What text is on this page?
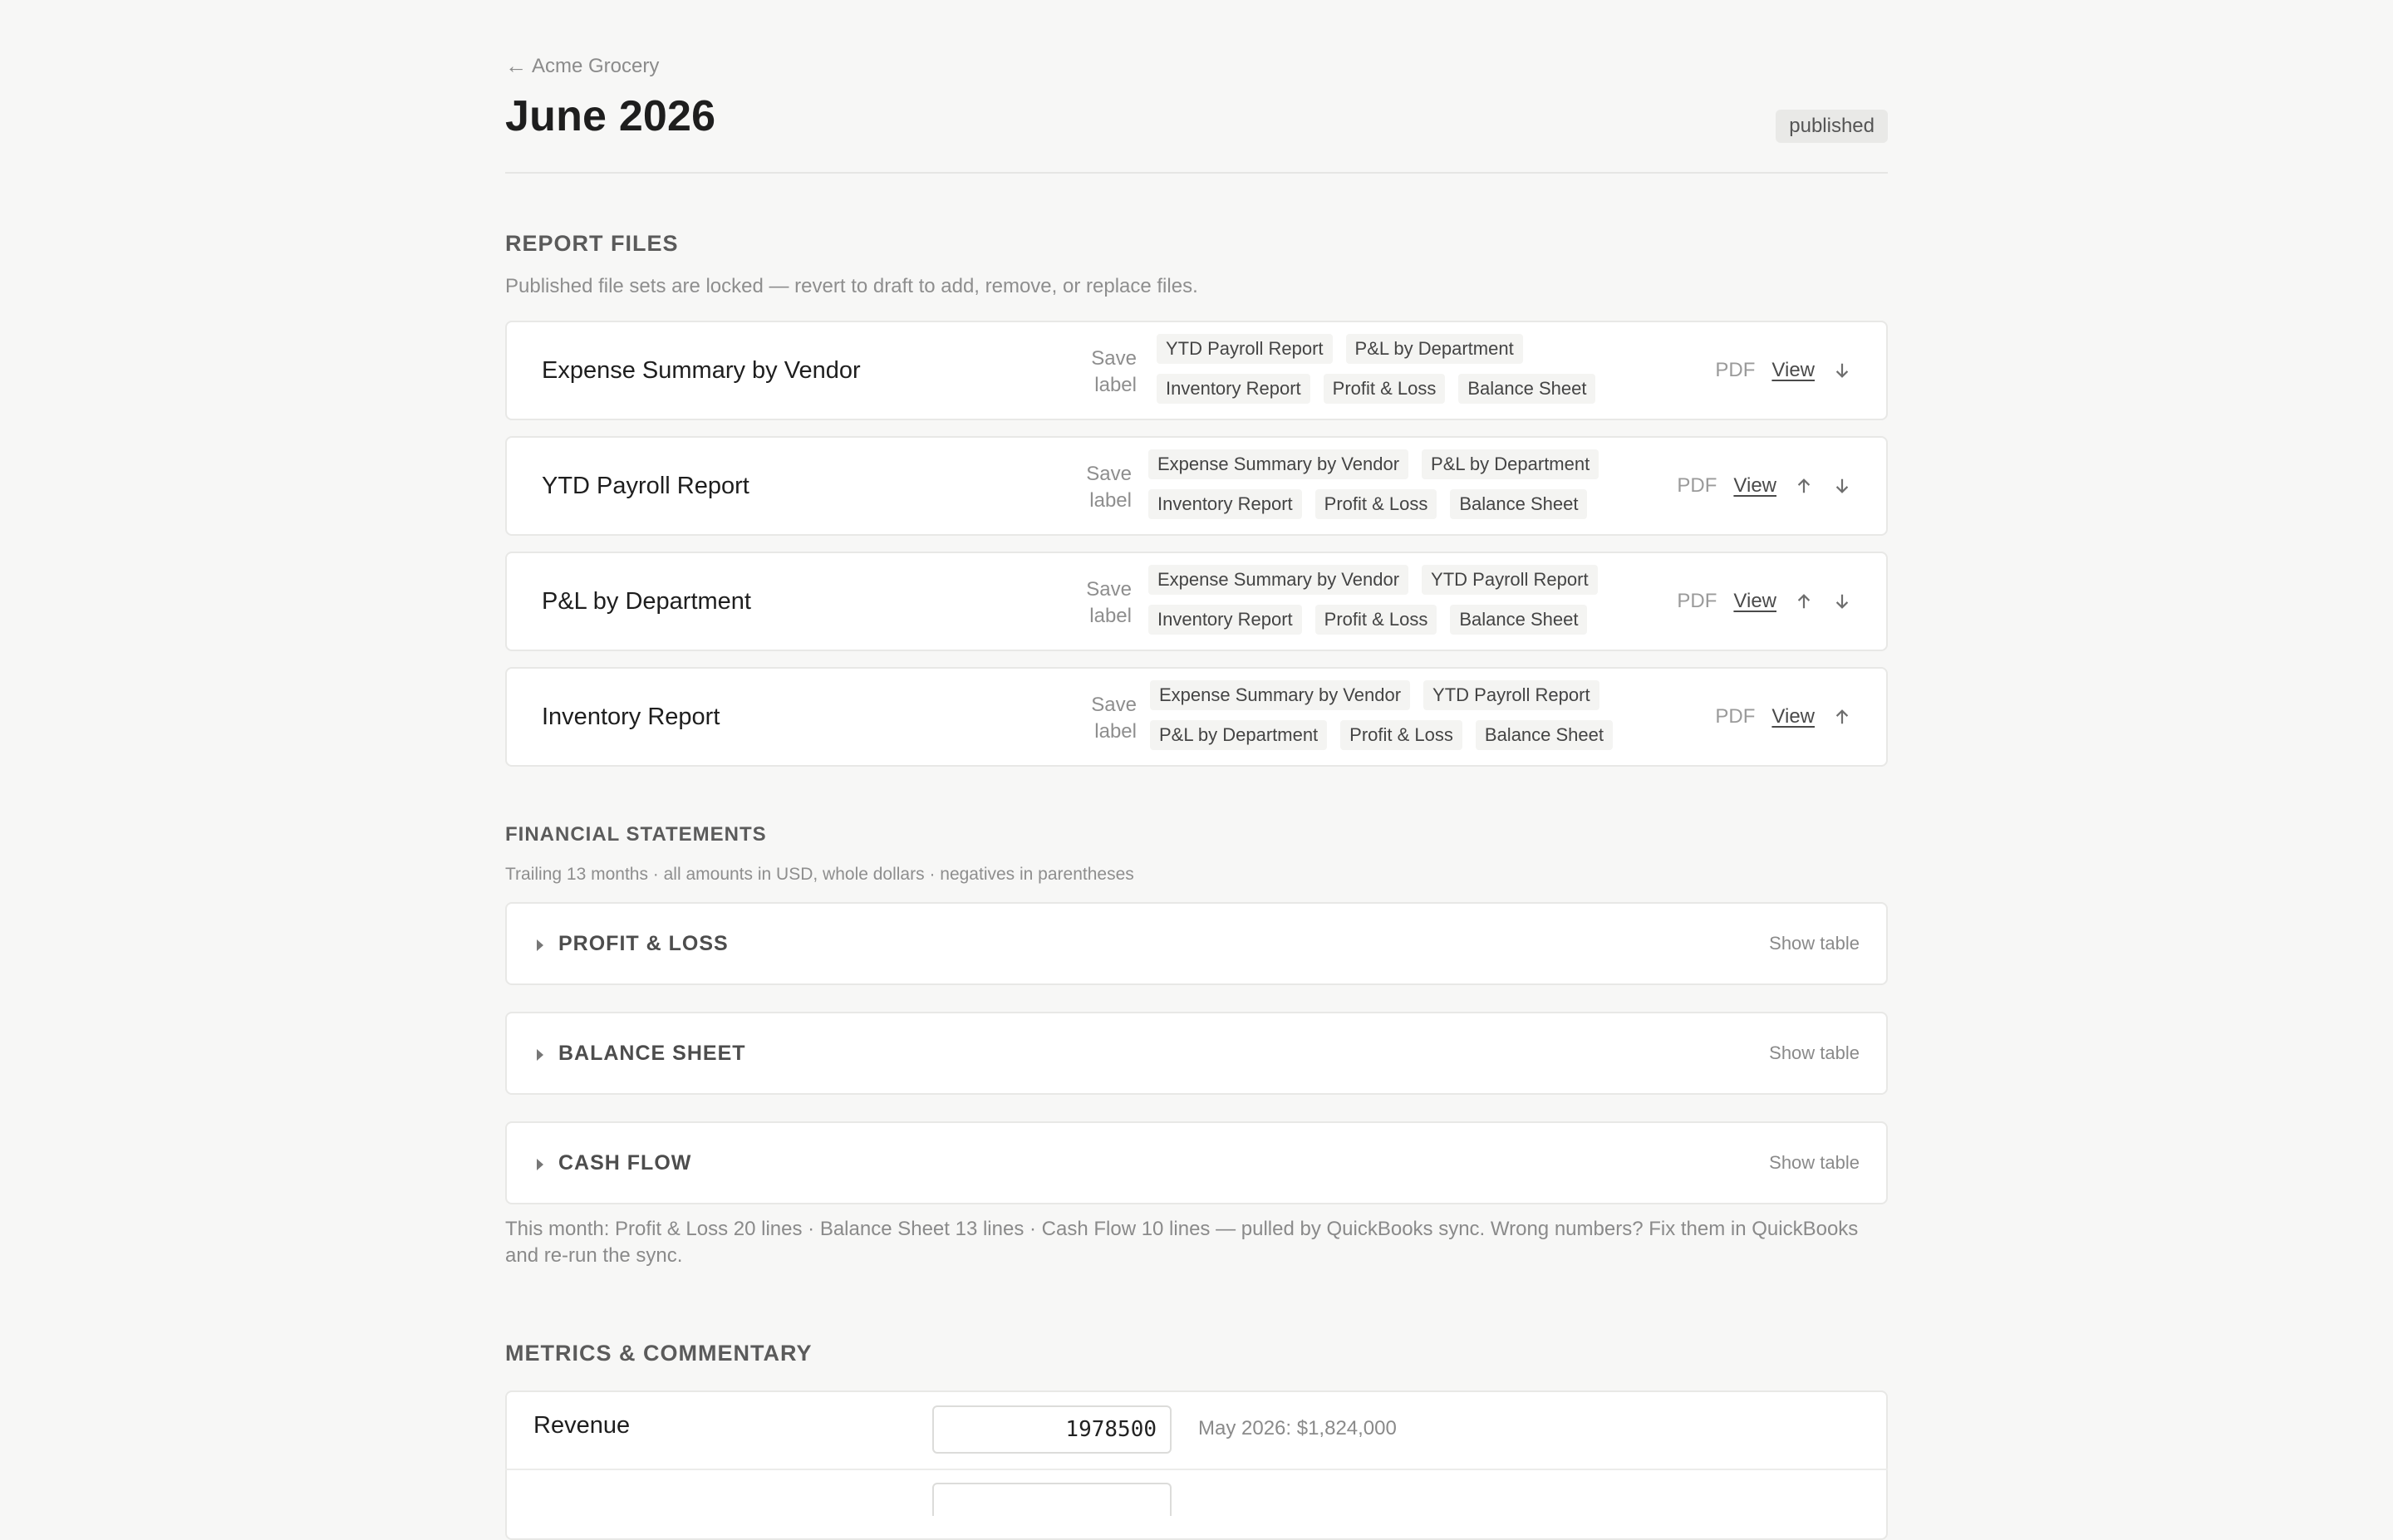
← Acme Grocery
June 2026	published
REPORT FILES

Published file sets are locked — revert to draft to add, remove, or replace files.

Expense Summary by Vendor	Save label
YTD Payroll Report	P&L by Department
Inventory Report	Profit & Loss	Balance Sheet
PDF View
YTD Payroll Report	Save label
Expense Summary by Vendor	P&L by Department
Inventory Report	Profit & Loss	Balance Sheet
PDF View
P&L by Department	Save label
Expense Summary by Vendor	YTD Payroll Report
Inventory Report	Profit & Loss	Balance Sheet
PDF View
Inventory Report	Save label
Expense Summary by Vendor	YTD Payroll Report
P&L by Department	Profit & Loss	Balance Sheet
PDF View
FINANCIAL STATEMENTS

Trailing 13 months · all amounts in USD, whole dollars · negatives in parentheses

PROFIT & LOSS	Show table
BALANCE SHEET	Show table
CASH FLOW	Show table

This month: Profit & Loss 20 lines · Balance Sheet 13 lines · Cash Flow 10 lines — pulled by QuickBooks sync. Wrong numbers? Fix them in QuickBooks and re-run the sync.

METRICS & COMMENTARY
Revenue
1978500	May 2026: $1,824,000
